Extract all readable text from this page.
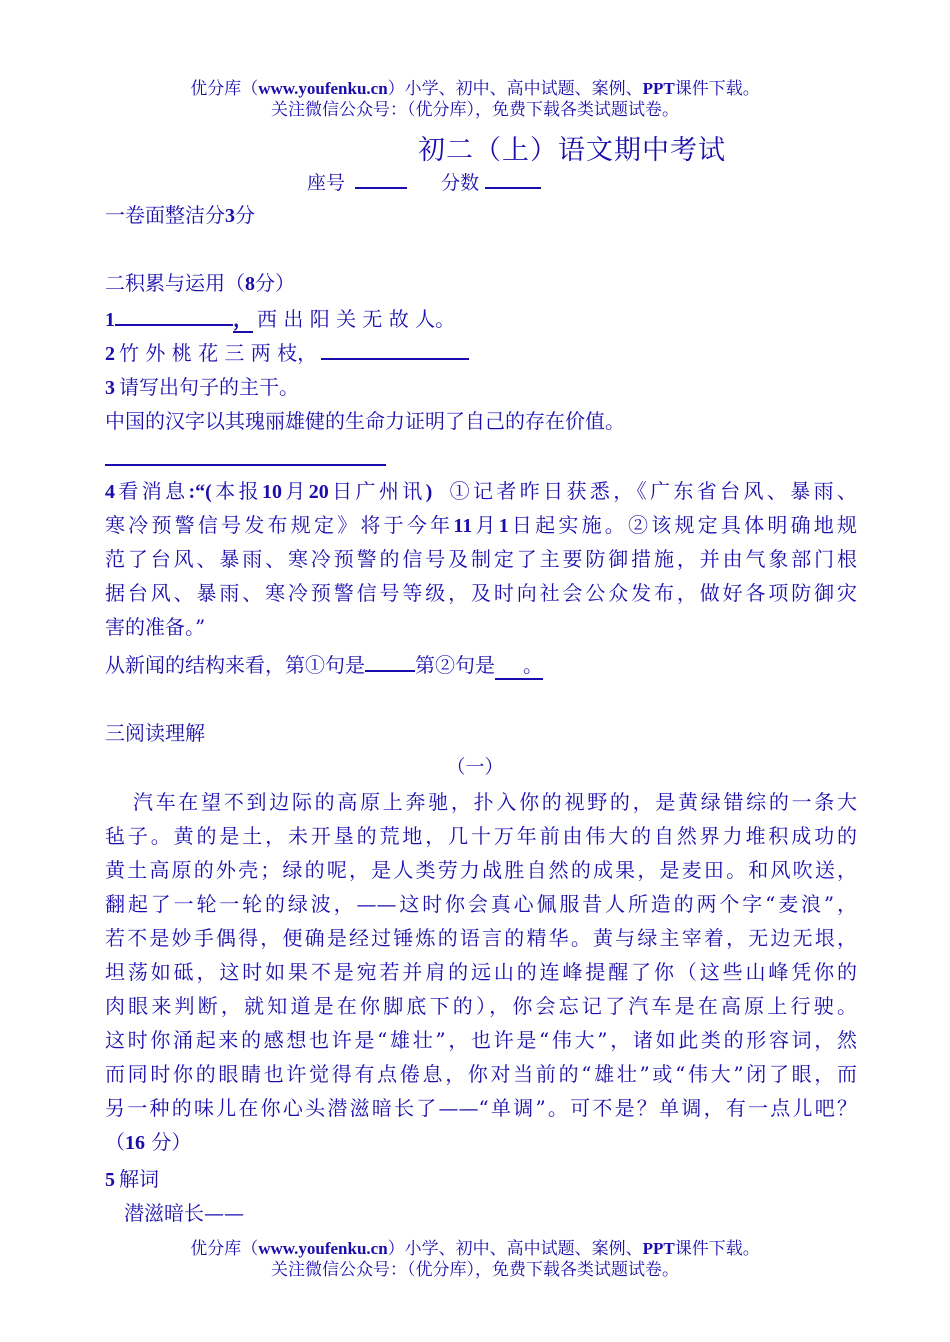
优分库（www.youfenku.cn）小学、初中、高中试题、案例、PPT课件下载。
关注微信公众号：（优分库），免费下载各类试题试卷。
初二（上）语文期中考试
座号	分数
一卷面整洁分3分
二积累与运用（8分）
1	， 西 出 阳 关 无 故 人。
2 竹 外 桃 花 三 两 枝，
3 请写出句子的主干。
中国的汉字以其瑰丽雄健的生命力证明了自己的存在价值。
4看消息:“(本报10月20日广州讯) ①记者昨日获悉，《广东省台风、暴雨、
寒冷预警信号发布规定》将于今年11月1日起实施。②该规定具体明确地规
范了台风、暴雨、寒冷预警的信号及制定了主要防御措施，并由气象部门根
据台风、暴雨、寒冷预警信号等级，及时向社会公众发布，做好各项防御灾
害的准备。”
从新闻的结构来看，第①句是	第②句是 。
三阅读理解
（一）
汽车在望不到边际的高原上奔驰，扑入你的视野的，是黄绿错综的一条大
毡子。黄的是土，未开垦的荒地，几十万年前由伟大的自然界力堆积成功的
黄土高原的外壳；绿的呢，是人类劳力战胜自然的成果，是麦田。和风吹送，
翻起了一轮一轮的绿波，——这时你会真心佩服昔人所造的两个字“麦浪”，
若不是妙手偶得，便确是经过锤炼的语言的精华。黄与绿主宰着，无边无垠，
坦荡如砥，这时如果不是宛若并肩的远山的连峰提醒了你（这些山峰凭你的
肉眼来判断，就知道是在你脚底下的），你会忘记了汽车是在高原上行驶。
这时你涌起来的感想也许是“雄壮”，也许是“伟大”，诸如此类的形容词，然
而同时你的眼睛也许觉得有点倦息，你对当前的“雄壮”或“伟大”闭了眼，而
另一种的味儿在你心头潜滋暗长了——“单调”。可不是？单调，有一点儿吧？
（16 分）
5 解词
潜滋暗长——
优分库（www.youfenku.cn）小学、初中、高中试题、案例、PPT课件下载。
关注微信公众号：（优分库），免费下载各类试题试卷。
